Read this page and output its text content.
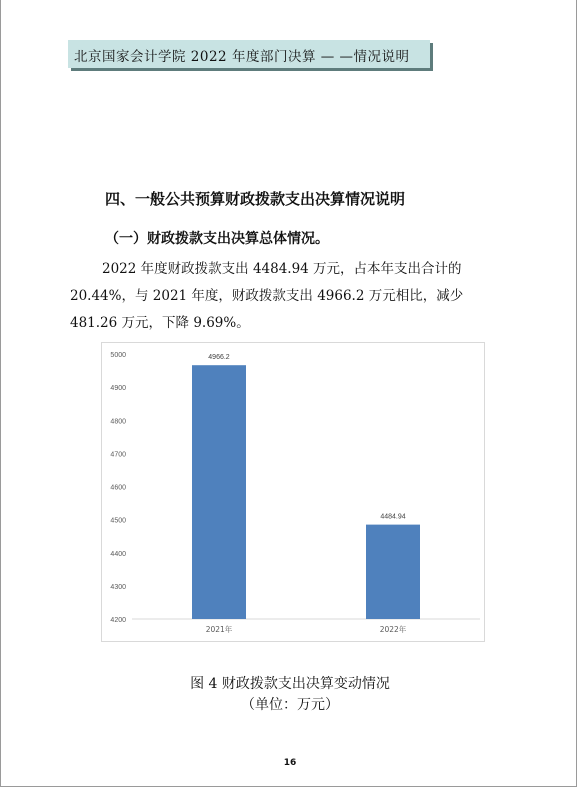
北京国家会计学院 2022 年度部门决算 — —情况说明
四、一般公共预算财政拨款支出决算情况说明
（一）财政拨款支出决算总体情况。
2022 年度财政拨款支出 4484.94 万元，占本年支出合计的
20.44%，与 2021 年度，财政拨款支出 4966.2 万元相比，减少
481.26 万元，下降 9.69%。
4200
4300
4400
4500
4600
4700
4800
4900
5000	4966.2
2021年
4484.94
2022年
图 4 财政拨款支出决算变动情况
（单位：万元）
16
